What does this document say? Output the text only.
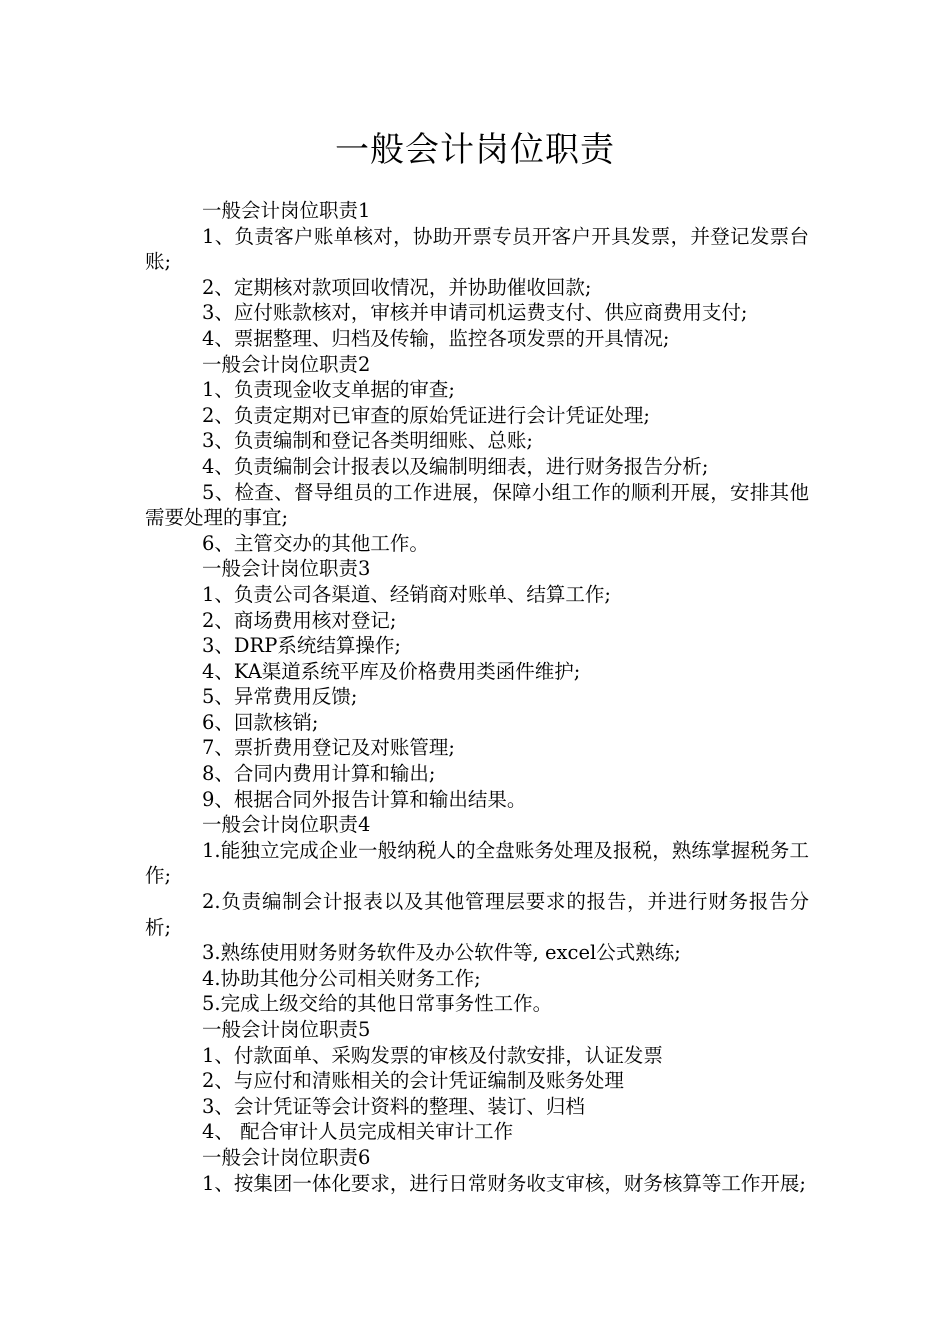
一般会计岗位职责

一般会计岗位职责1

1、负责客户账单核对，协助开票专员开客户开具发票，并登记发票台账;

2、定期核对款项回收情况，并协助催收回款;

3、应付账款核对，审核并申请司机运费支付、供应商费用支付;

4、票据整理、归档及传输，监控各项发票的开具情况;

一般会计岗位职责2

1、负责现金收支单据的审查;

2、负责定期对已审查的原始凭证进行会计凭证处理;

3、负责编制和登记各类明细账、总账;

4、负责编制会计报表以及编制明细表，进行财务报告分析;

5、检查、督导组员的工作进展，保障小组工作的顺利开展，安排其他需要处理的事宜;

6、主管交办的其他工作。

一般会计岗位职责3

1、负责公司各渠道、经销商对账单、结算工作;

2、商场费用核对登记;

3、DRP系统结算操作;

4、KA渠道系统平库及价格费用类函件维护;

5、异常费用反馈;

6、回款核销;

7、票折费用登记及对账管理;

8、合同内费用计算和输出;

9、根据合同外报告计算和输出结果。

一般会计岗位职责4

1.能独立完成企业一般纳税人的全盘账务处理及报税，熟练掌握税务工作;

2.负责编制会计报表以及其他管理层要求的报告，并进行财务报告分析;

3.熟练使用财务财务软件及办公软件等, excel公式熟练;

4.协助其他分公司相关财务工作;

5.完成上级交给的其他日常事务性工作。

一般会计岗位职责5

1、付款面单、采购发票的审核及付款安排，认证发票

2、与应付和清账相关的会计凭证编制及账务处理

3、会计凭证等会计资料的整理、装订、归档

4、 配合审计人员完成相关审计工作

一般会计岗位职责6

1、按集团一体化要求，进行日常财务收支审核，财务核算等工作开展;
